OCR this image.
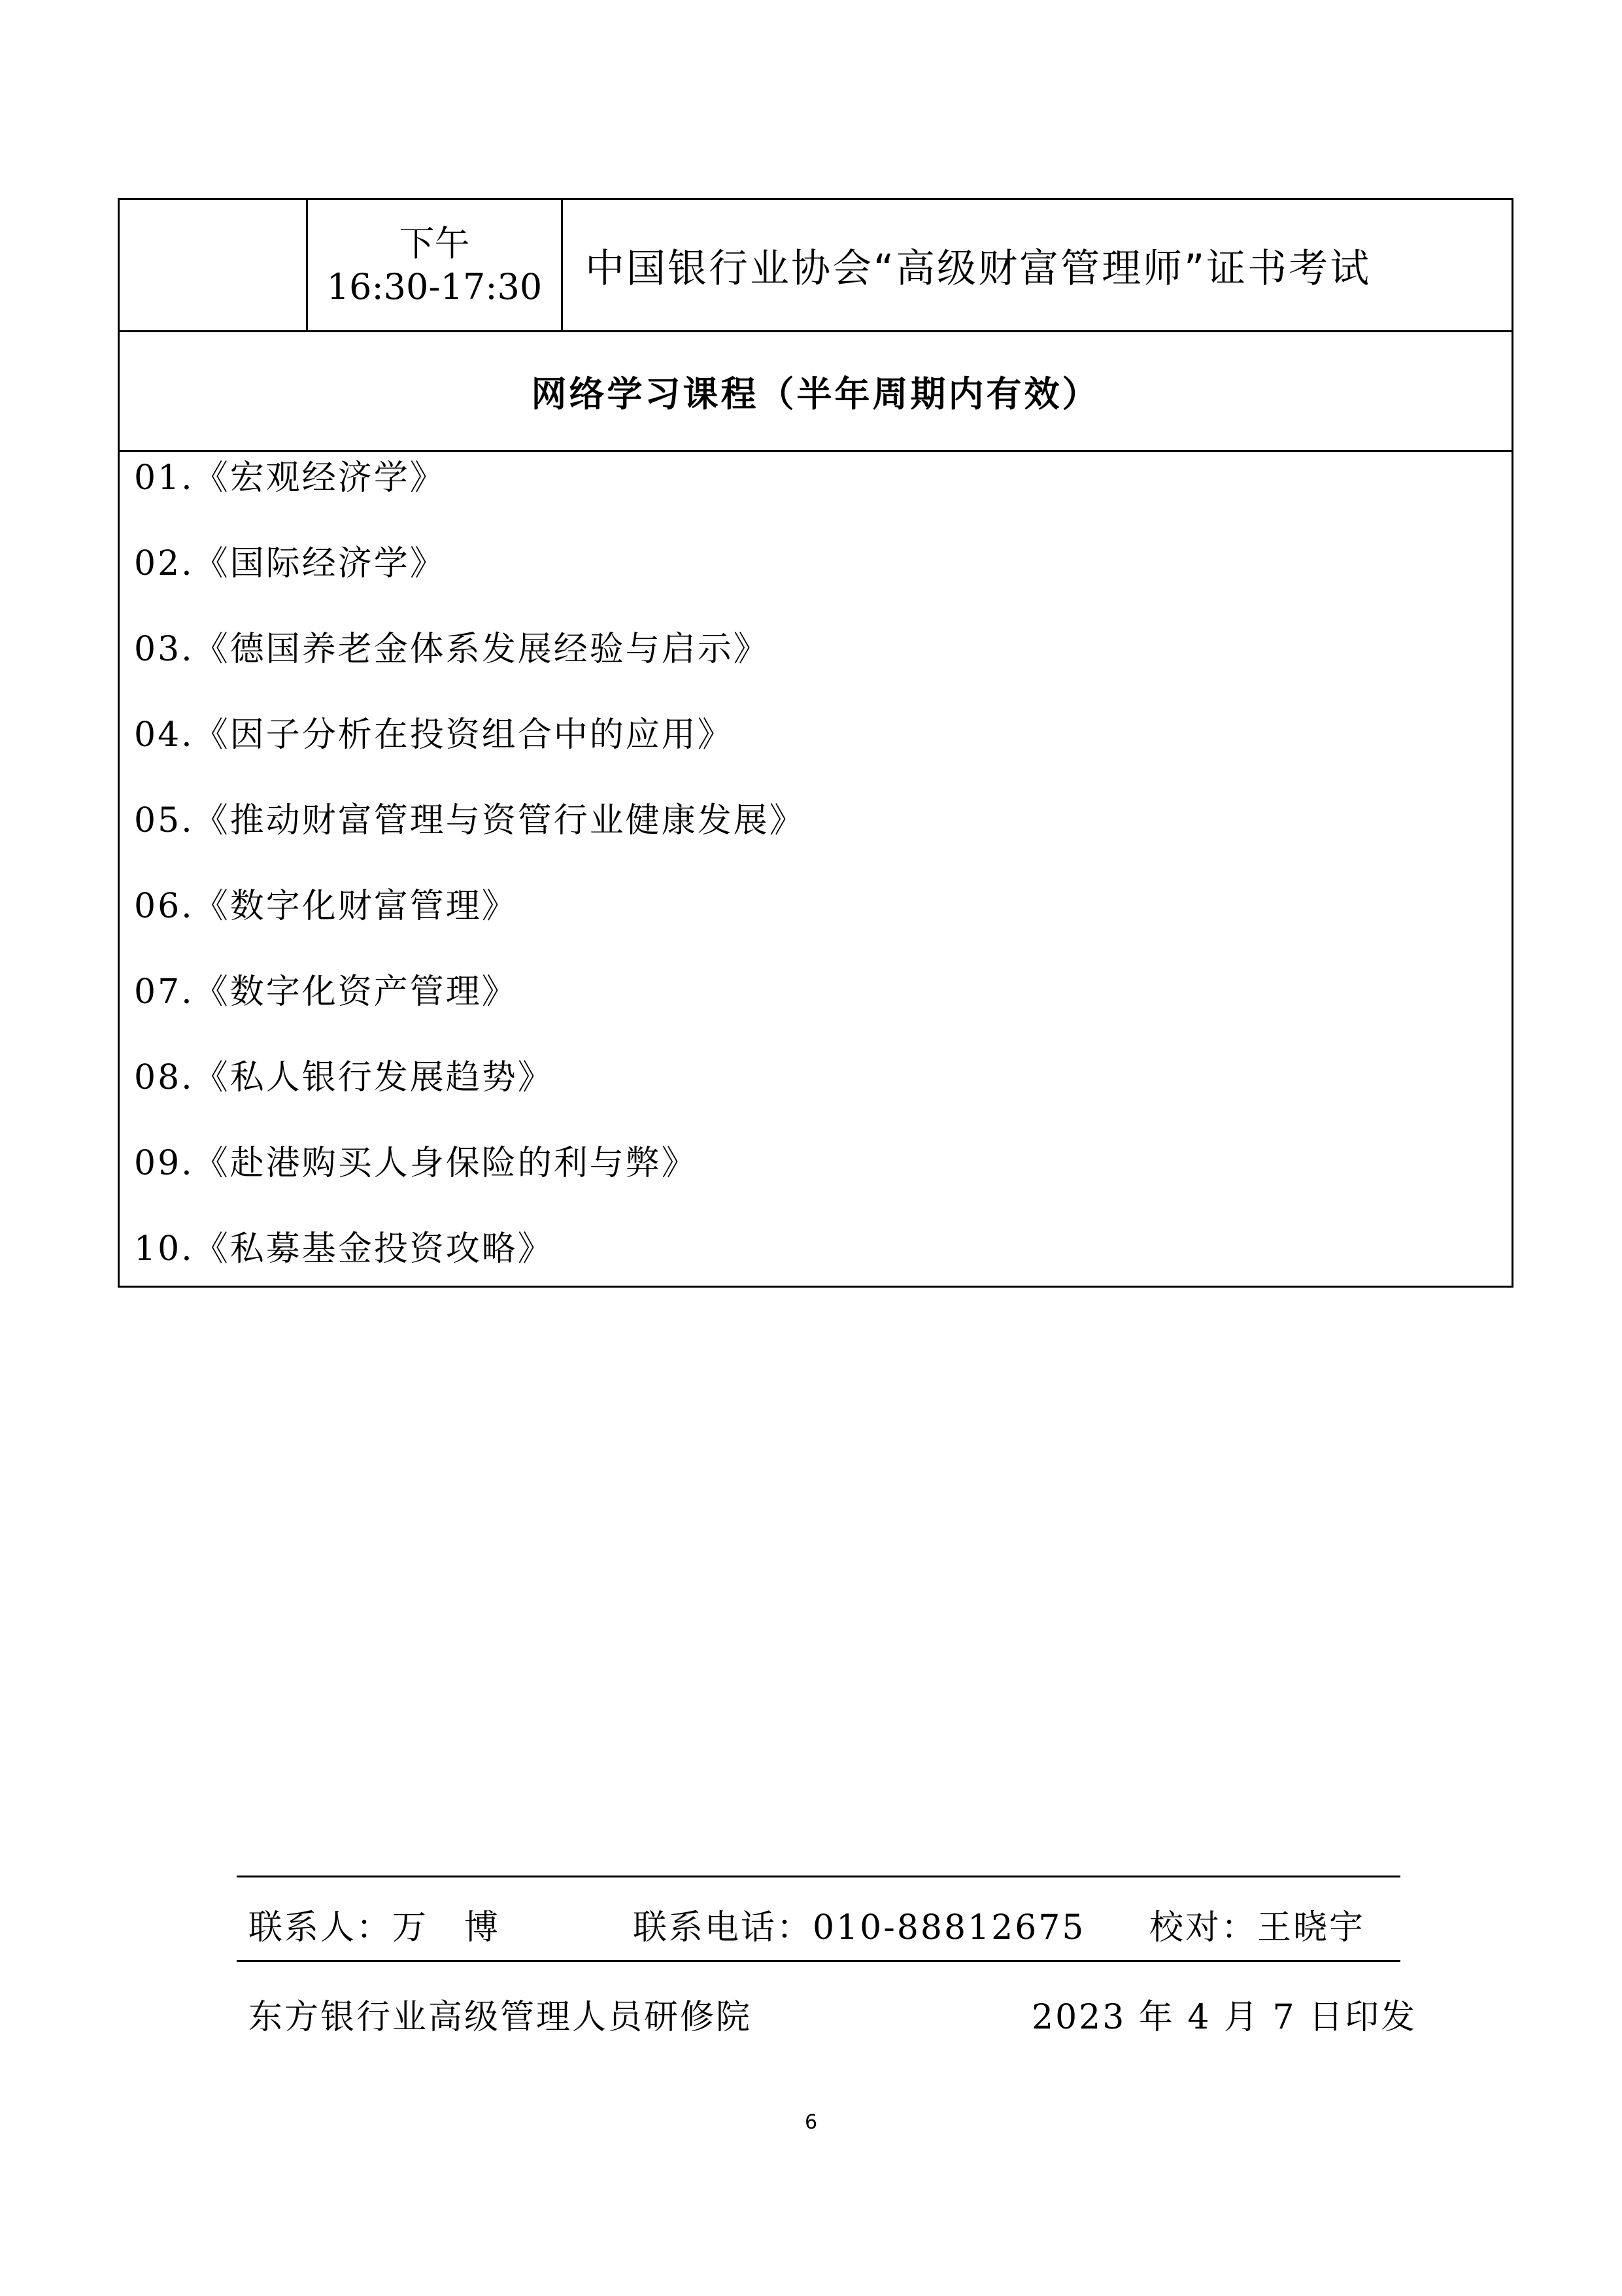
下午
16:30-17:30 中国银行业协会“高级财富管理师”证书考试
网络学习课程（半年周期内有效）
01.《宏观经济学》
02.《国际经济学》
03.《德国养老金体系发展经验与启示》
04.《因子分析在投资组合中的应用》
05.《推动财富管理与资管行业健康发展》
06.《数字化财富管理》
07.《数字化资产管理》
08.《私人银行发展趋势》
09.《赴港购买人身保险的利与弊》
10.《私募基金投资攻略》
联系人：万　博	联系电话：010-88812675 校对：王晓宇
东方银行业高级管理人员研修院	2023 年 4 月 7 日印发
6
